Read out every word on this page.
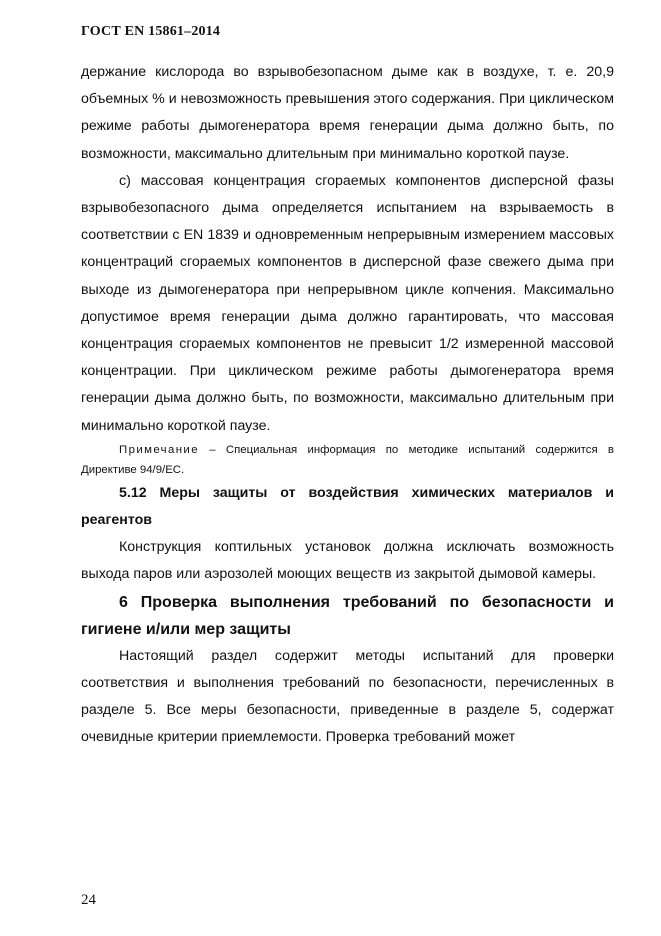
ГОСТ EN 15861–2014

держание кислорода во взрывобезопасном дыме как в воздухе, т. е. 20,9 объемных % и невозможность превышения этого содержания. При циклическом режиме работы дымогенератора время генерации дыма должно быть, по возможности, максимально длительным при минимально короткой паузе.

с) массовая концентрация сгораемых компонентов дисперсной фазы взрывобезопасного дыма определяется испытанием на взрываемость в соответствии с EN 1839 и одновременным непрерывным измерением массовых концентраций сгораемых компонентов в дисперсной фазе свежего дыма при выходе из дымогенератора при непрерывном цикле копчения. Максимально допустимое время генерации дыма должно гарантировать, что массовая концентрация сгораемых компонентов не превысит 1/2 измеренной массовой концентрации. При циклическом режиме работы дымогенератора время генерации дыма должно быть, по возможности, максимально длительным при минимально короткой паузе.

Примечание – Специальная информация по методике испытаний содержится в Директиве 94/9/ЕС.

5.12 Меры защиты от воздействия химических материалов и реагентов

Конструкция коптильных установок должна исключать возможность выхода паров или аэрозолей моющих веществ из закрытой дымовой камеры.

6 Проверка выполнения требований по безопасности и гигиене и/или мер защиты

Настоящий раздел содержит методы испытаний для проверки соответствия и выполнения требований по безопасности, перечисленных в разделе 5. Все меры безопасности, приведенные в разделе 5, содержат очевидные критерии приемлемости. Проверка требований может

24
